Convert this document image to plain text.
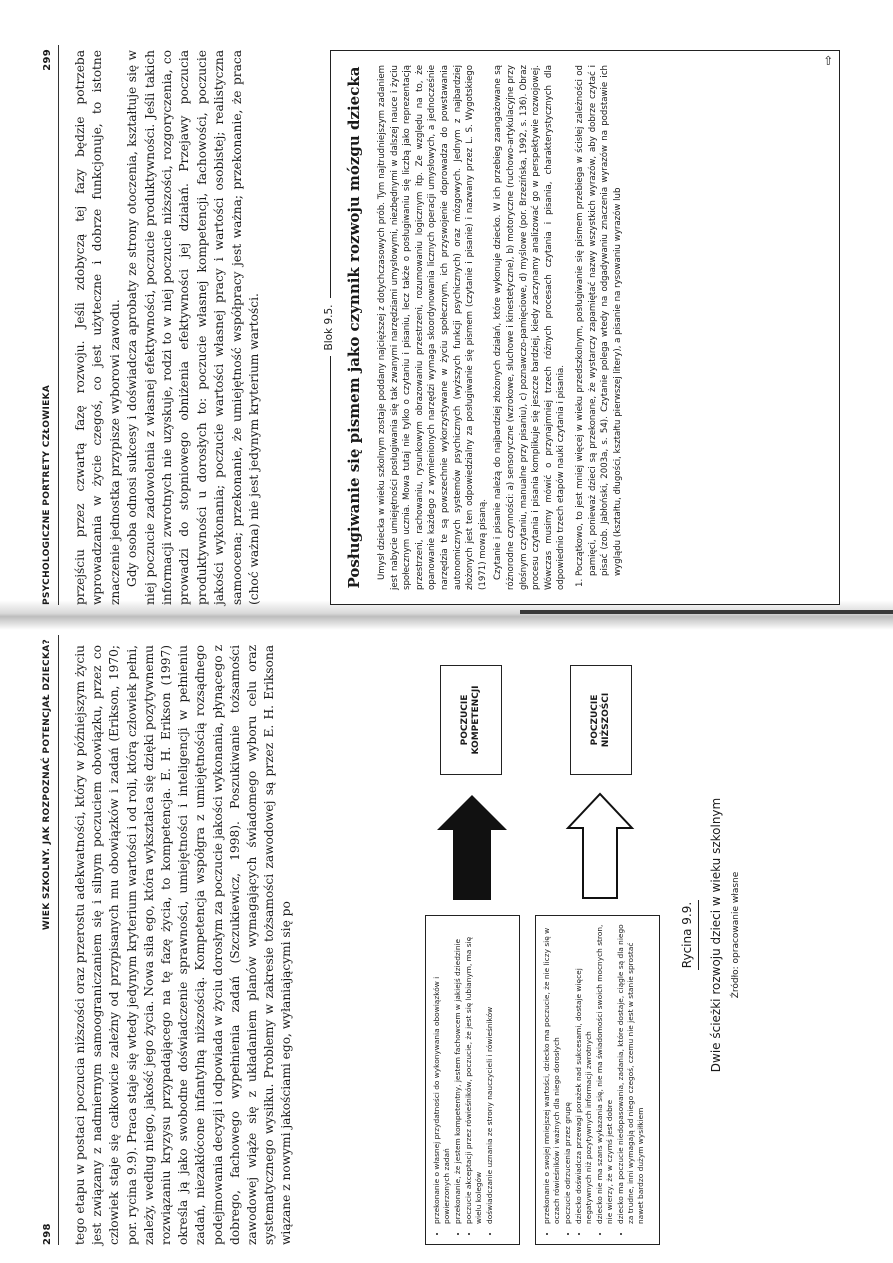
PSYCHOLOGICZNE PORTRETY CZŁOWIEKA
299 przejściu przez czwartą fazę rozwoju. Jeśli zdobyczą tej fazy będzie potrzeba wprowadzania w życie czegoś, co jest użyteczne i dobrze funkcjonuje, to istotne znaczenie jednostka przypisze wyborowi zawodu. Gdy osoba odnosi sukcesy i doświadcza aprobaty ze strony otoczenia, kształtuje się w niej poczucie zadowolenia z własnej efektywności, poczucie produktywności. Jeśli takich informacji zwrotnych nie uzyskuje, rodzi to w niej poczucie niższości, rozgoryczenia, co prowadzi do stopniowego obniżenia efektywności jej działań. Przejawy poczucia produktywności u dorosłych to: poczucie własnej kompetencji, fachowości, poczucie jakości wykonania; poczucie wartości własnej pracy i wartości osobistej; realistyczna samoocena; przekonanie, że umiejętność współpracy jest ważna; przekonanie, że praca (choć ważna) nie jest jedynym kryterium wartości.	Blok 9.5. Posługiwanie się pismem jako czynnik rozwoju mózgu dziecka Umysł dziecka w wieku szkolnym zostaje poddany najcięższej z dotychczasowych prób. Tym najtrudniejszym zadaniem jest nabycie umiejętności posługiwania się tak zwanymi narzędziami umysłowymi, niezbędnymi w dalszej nauce i życiu społecznym ucznia. Mowa tutaj nie tylko o czytaniu i pisaniu, lecz także o posługiwaniu się liczbą jako reprezentacją przestrzeni, rachowaniu, rysunkowym obrazowaniu przestrzeni, rozumowaniu logicznym itp. Ze względu na to, że opanowanie każdego z wymienionych narzędzi wymaga skoordynowania licznych operacji umysłowych, a jednocześnie narzędzia te są powszechnie wykorzystywane w życiu społecznym, ich przyswojenie doprowadza do powstawania autonomicznych systemów psychicznych (wyższych funkcji psychicznych) oraz mózgowych. Jednym z najbardziej złożonych jest ten odpowiedzialny za posługiwanie się pismem (czytanie i pisanie) i nazwany przez L. S. Wygotskiego (1971) mową pisaną. Czytanie i pisanie należą do najbardziej złożonych działań, które wykonuje dziecko. W ich przebieg zaangażowane są różnorodne czynności: a) sensoryczne (wzrokowe, słuchowe i kinestetyczne), b) motoryczne (ruchowo-artykulacyjne przy głośnym czytaniu, manualne przy pisaniu), c) poznawczo-pamięciowe, d) myślowe (por. Brzezińska, 1992, s. 136). Obraz procesu czytania i pisania komplikuje się jeszcze bardziej, kiedy zaczynamy analizować go w perspektywie rozwojowej. Wówczas musimy mówić o przynajmniej trzech różnych procesach czytania i pisania, charakterystycznych dla odpowiednio trzech etapów nauki czytania i pisania. 1. Początkowo, to jest mniej więcej w wieku przedszkolnym, posługiwanie się pismem przebiega w ścisłej zależności od pamięci, ponieważ dzieci są przekonane, że wystarczy zapamiętać nazwy wszystkich wyrazów, aby dobrze czytać i pisać (zob. Jabłoński, 2003a, s. 54). Czytanie polega wtedy na odgadywaniu znaczenia wyrazów na podstawie ich wyglądu (kształtu, długości, kształtu pierwszej litery), a pisanie na rysowaniu wyrazów lub
⇨
298
WIEK SZKOLNY. JAK ROZPOZNAĆ POTENCJAŁ DZIECKA? tego etapu w postaci poczucia niższości oraz przerostu adekwatności, który w późniejszym życiu jest związany z nadmiernym samoograniczaniem się i silnym poczuciem obowiązku, przez co człowiek staje się całkowicie zależny od przypisanych mu obowiązków i zadań (Erikson, 1970; por. rycina 9.9). Praca staje się wtedy jedynym kryterium wartości i od roli, którą człowiek pełni, zależy, według niego, jakość jego życia. Nowa siła ego, która wykształca się dzięki pozytywnemu rozwiązaniu kryzysu przypadającego na tę fazę życia, to kompetencja. E. H. Erikson (1997) określa ją jako swobodne doświadczenie sprawności, umiejętności i inteligencji w pełnieniu zadań, niezakłócone infantylną niższością. Kompetencja współgra z umiejętnością rozsądnego podejmowania decyzji i odpowiada w życiu dorosłym za poczucie jakości wykonania, płynącego z dobrego, fachowego wypełnienia zadań (Szczukiewicz, 1998). Poszukiwanie tożsamości zawodowej wiąże się z układaniem planów wymagających świadomego wyboru celu oraz systematycznego wysiłku. Problemy w zakresie tożsamości zawodowej są przez E. H. Eriksona wiązane z nowymi jakościami ego, wyłaniającymi się po	• przekonanie o własnej przydatności do wykonywania obowiązków i powierzonych zadań • przekonanie, że jestem kompetentny, jestem fachowcem w jakiejś dziedzinie • poczucie akceptacji przez rówieśników, poczucie, że jest się lubianym, ma się wielu kolegów • doświadczanie uznania ze strony nauczycieli i rówieśników	• przekonanie o swojej mniejszej wartości, dziecko ma poczucie, że nie liczy się w oczach rówieśników i ważnych dla niego dorosłych • poczucie odrzucenia przez grupę • dziecko doświadcza przewagi porażek nad sukcesami, dostaje więcej negatywnych niż pozytywnych informacji zwrotnych • dziecko nie ma szans wykazania się, nie ma świadomości swoich mocnych stron, nie wierzy, że w czymś jest dobre • dziecko ma poczucie niedopasowania, zadania, które dostaje, ciągle są dla niego za trudne, inni wymagają od niego czegoś, czemu nie jest w stanie sprostać nawet bardzo dużym wysiłkiem
POCZUCIE KOMPETENCJI	POCZUCIE NIŻSZOŚCI
Rycina 9.9. Dwie ścieżki rozwoju dzieci w wieku szkolnym Źródło: opracowanie własne
